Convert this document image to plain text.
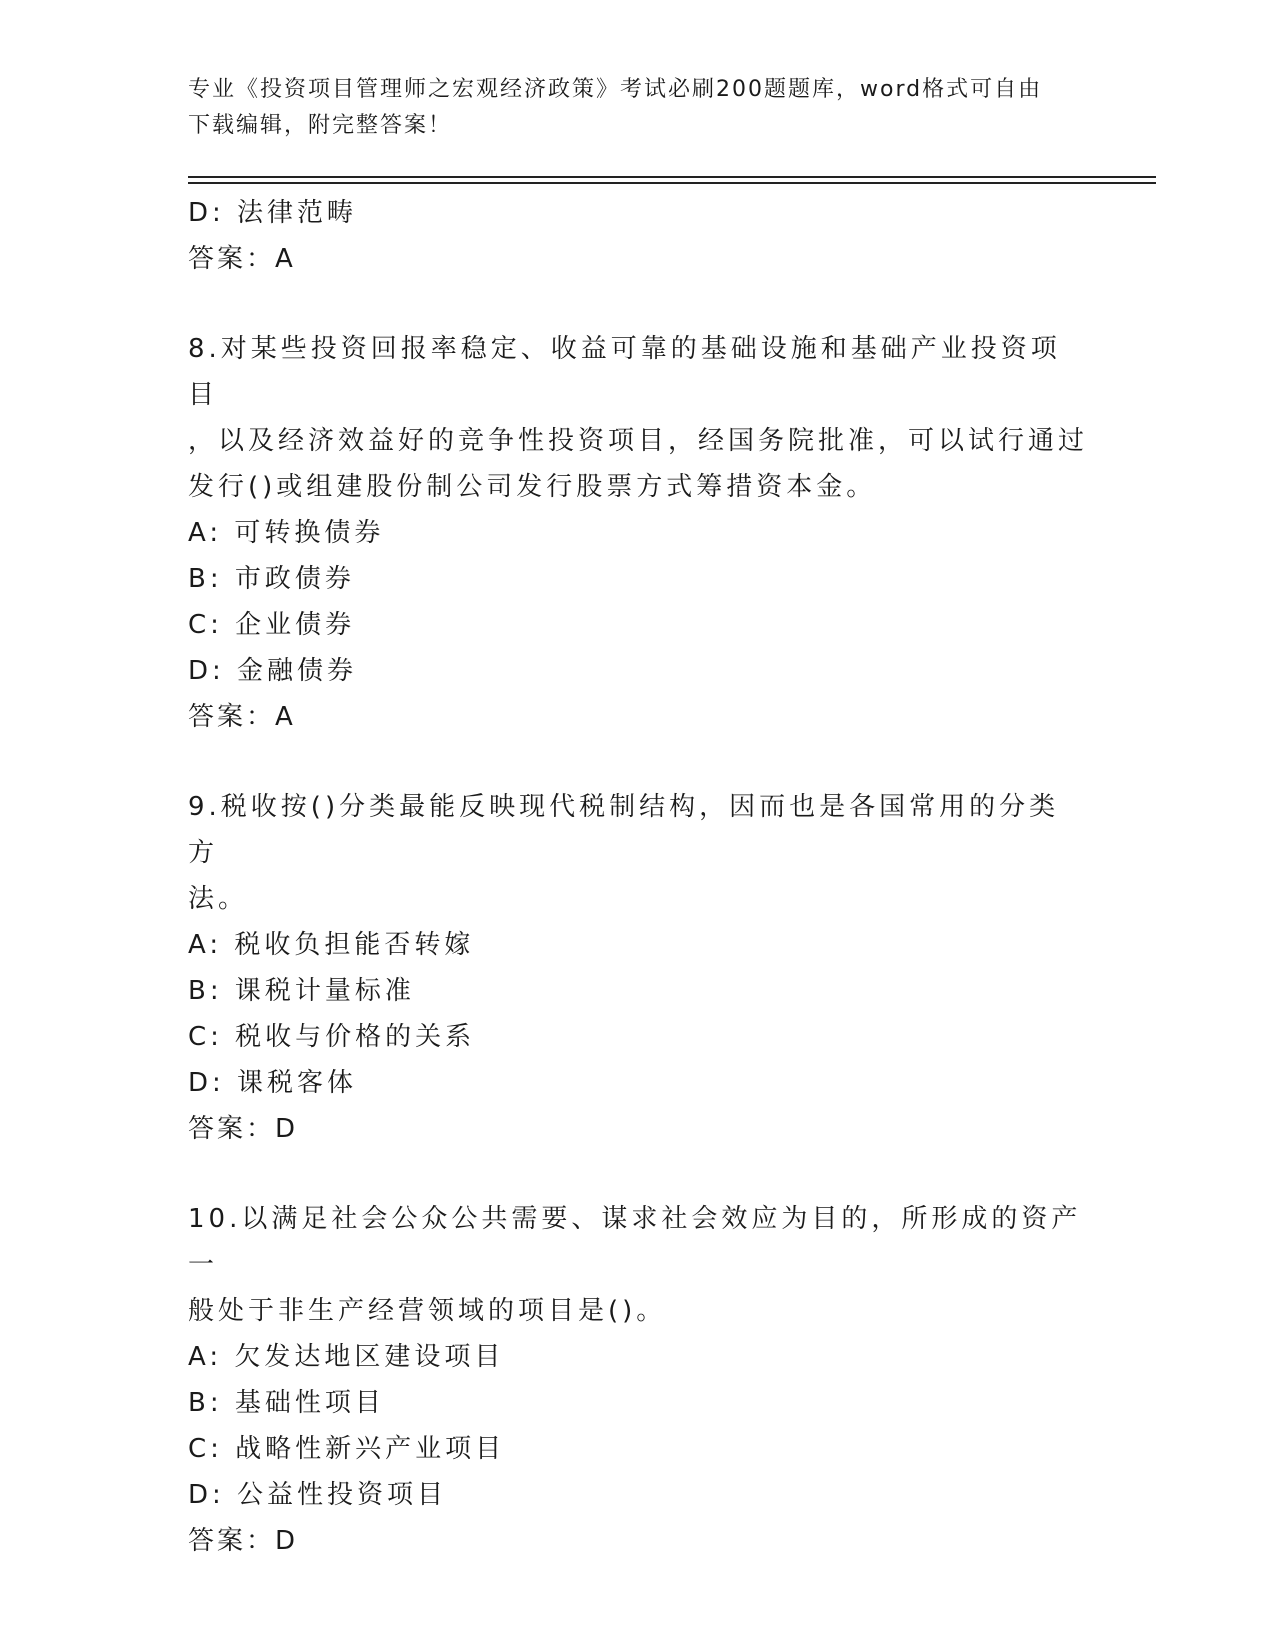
专业《投资项目管理师之宏观经济政策》考试必刷200题题库，word格式可自由
下载编辑，附完整答案！
D: 法律范畴
答案：A
8.对某些投资回报率稳定、收益可靠的基础设施和基础产业投资项目
，以及经济效益好的竞争性投资项目，经国务院批准，可以试行通过
发行()或组建股份制公司发行股票方式筹措资本金。
A: 可转换债券
B: 市政债券
C: 企业债券
D: 金融债券
答案：A
9.税收按()分类最能反映现代税制结构，因而也是各国常用的分类方
法。
A: 税收负担能否转嫁
B: 课税计量标准
C: 税收与价格的关系
D: 课税客体
答案：D
10.以满足社会公众公共需要、谋求社会效应为目的，所形成的资产一
般处于非生产经营领域的项目是()。
A: 欠发达地区建设项目
B: 基础性项目
C: 战略性新兴产业项目
D: 公益性投资项目
答案：D
